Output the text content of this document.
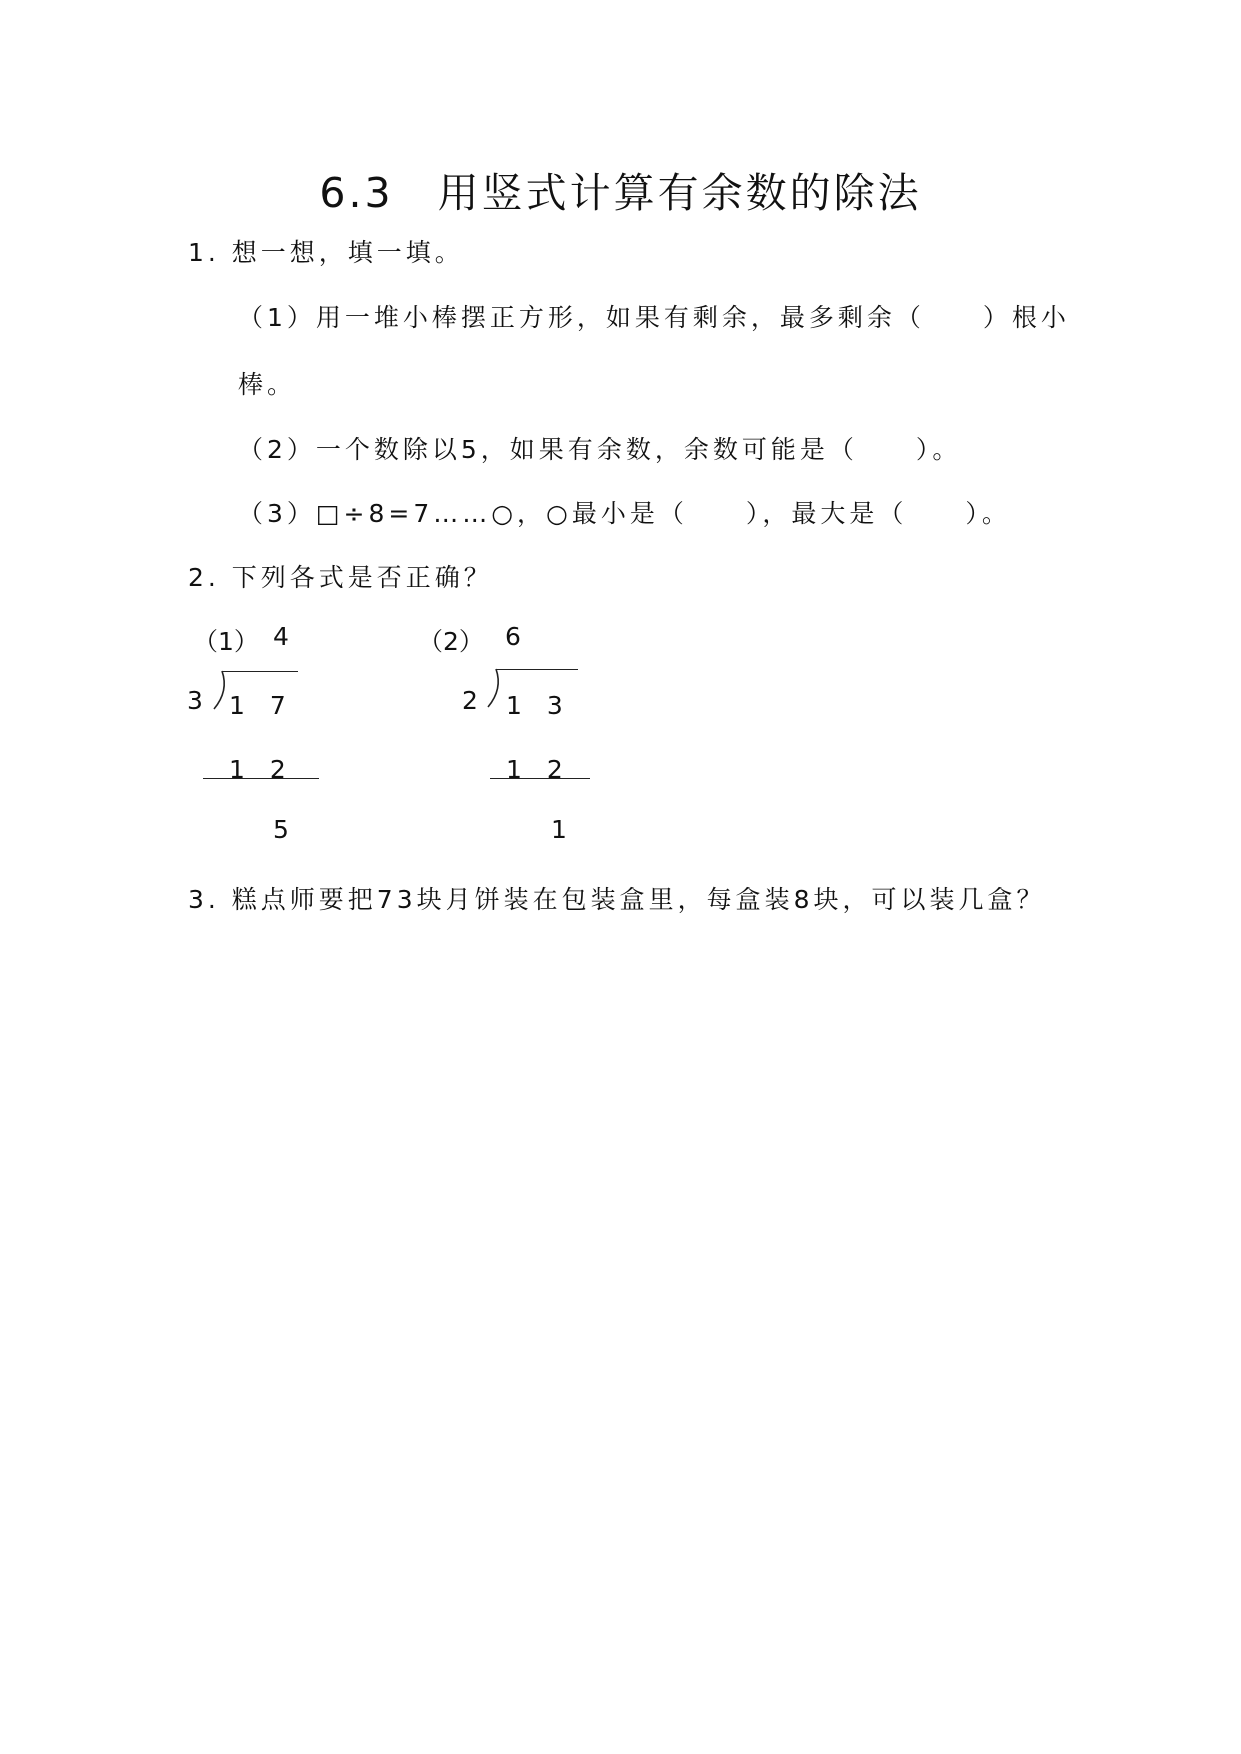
6.3　用竖式计算有余数的除法
1. 想一想，填一填。
（1）用一堆小棒摆正方形，如果有剩余，最多剩余（　　）根小
棒。
（2）一个数除以5，如果有余数，余数可能是（　　）。
（3）□÷8=7……○，○最小是（　　），最大是（　　）。
2. 下列各式是否正确？
（1） 4
3 1　7
1　2
5
（2） 6
2 1　3
1　2
1
3. 糕点师要把73块月饼装在包装盒里，每盒装8块，可以装几盒？
